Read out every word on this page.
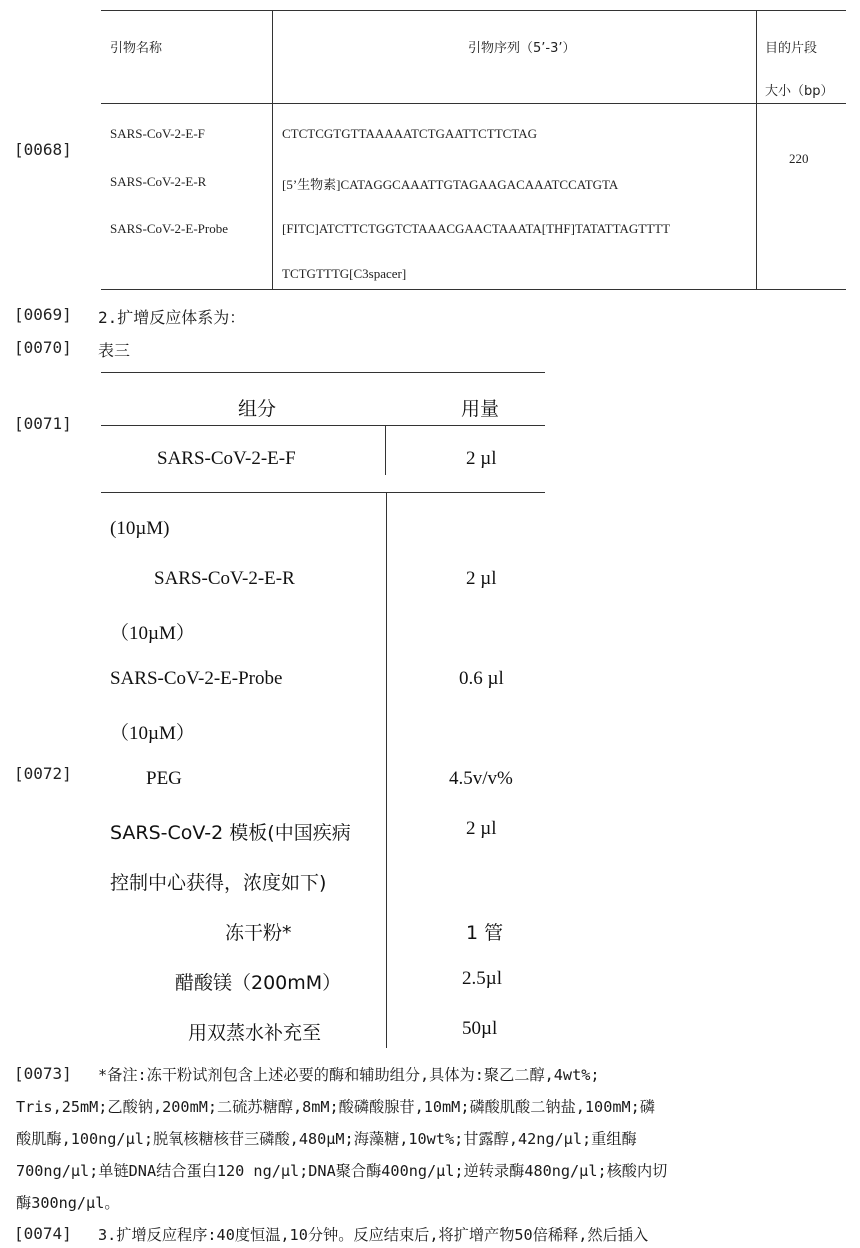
引物名称	引物序列（5’-3’）	目的片段
大小（bp）
SARS-CoV-2-E-F	CTCTCGTGTTAAAAATCTGAATTCTTCTAG
SARS-CoV-2-E-R	[5’生物素]CATAGGCAAATTGTAGAAGACAAATCCATGTA
SARS-CoV-2-E-Probe	[FITC]ATCTTCTGGTCTAAACGAACTAAATA[THF]TATATTAGTTTT
TCTGTTTG[C3spacer]
220
[0068]
[0069]
[0070]
[0071]
[0072]
[0073]
[0074]
2.扩增反应体系为：
表三
组分	用量
SARS-CoV-2-E-F	2 µl
(10µM)
SARS-CoV-2-E-R	2 µl
（10µM）
SARS-CoV-2-E-Probe	0.6 µl
（10µM）
PEG	4.5v/v%
SARS-CoV-2 模板(中国疾病	2 µl
控制中心获得，浓度如下)
冻干粉*	1 管
醋酸镁（200mM）	2.5µl
用双蒸水补充至	50µl
*备注:冻干粉试剂包含上述必要的酶和辅助组分,具体为:聚乙二醇,4wt%;
Tris,25mM;乙酸钠,200mM;二硫苏糖醇,8mM;酸磷酸腺苷,10mM;磷酸肌酸二钠盐,100mM;磷
酸肌酶,100ng/µl;脱氧核糖核苷三磷酸,480µM;海藻糖,10wt%;甘露醇,42ng/µl;重组酶
700ng/µl;单链DNA结合蛋白120 ng/µl;DNA聚合酶400ng/µl;逆转录酶480ng/µl;核酸内切
酶300ng/µl。
3.扩增反应程序:40度恒温,10分钟。反应结束后,将扩增产物50倍稀释,然后插入
